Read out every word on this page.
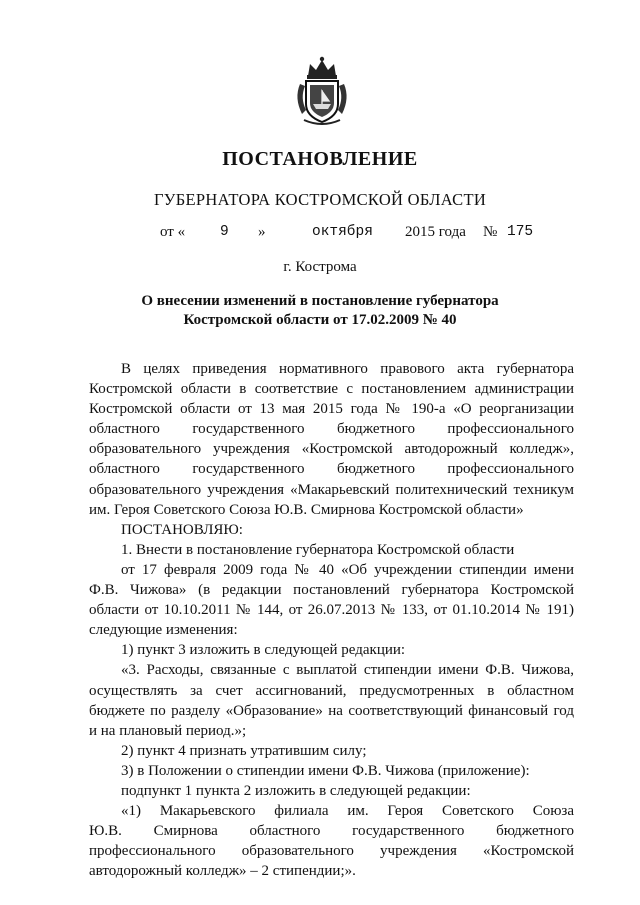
ПОСТАНОВЛЕНИЕ
ГУБЕРНАТОРА КОСТРОМСКОЙ ОБЛАСТИ
от « 9 »	октября 2015 года № 175
г. Кострома
О внесении изменений в постановление губернатора
Костромской области от 17.02.2009 № 40

В целях приведения нормативного правового акта губернатора

Костромской области в соответствие с постановлением администрации

Костромской области от 13 мая 2015 года № 190-а «О реорганизации

областного государственного бюджетного профессионального

образовательного учреждения «Костромской автодорожный колледж»,

областного государственного бюджетного профессионального

образовательного учреждения «Макарьевский политехнический техникум

им. Героя Советского Союза Ю.В. Смирнова Костромской области»

ПОСТАНОВЛЯЮ:

1. Внести в постановление губернатора Костромской области

от 17 февраля 2009 года № 40 «Об учреждении стипендии имени

Ф.В. Чижова» (в редакции постановлений губернатора Костромской

области от 10.10.2011 № 144, от 26.07.2013 № 133, от 01.10.2014 № 191)

следующие изменения:

1) пункт 3 изложить в следующей редакции:

«3. Расходы, связанные с выплатой стипендии имени Ф.В. Чижова,

осуществлять за счет ассигнований, предусмотренных в областном

бюджете по разделу «Образование» на соответствующий финансовый год

и на плановый период.»;

2) пункт 4 признать утратившим силу;

3) в Положении о стипендии имени Ф.В. Чижова (приложение):

подпункт 1 пункта 2 изложить в следующей редакции:

«1) Макарьевского филиала им. Героя Советского Союза

Ю.В. Смирнова областного государственного бюджетного

профессионального образовательного учреждения «Костромской

автодорожный колледж» – 2 стипендии;».
